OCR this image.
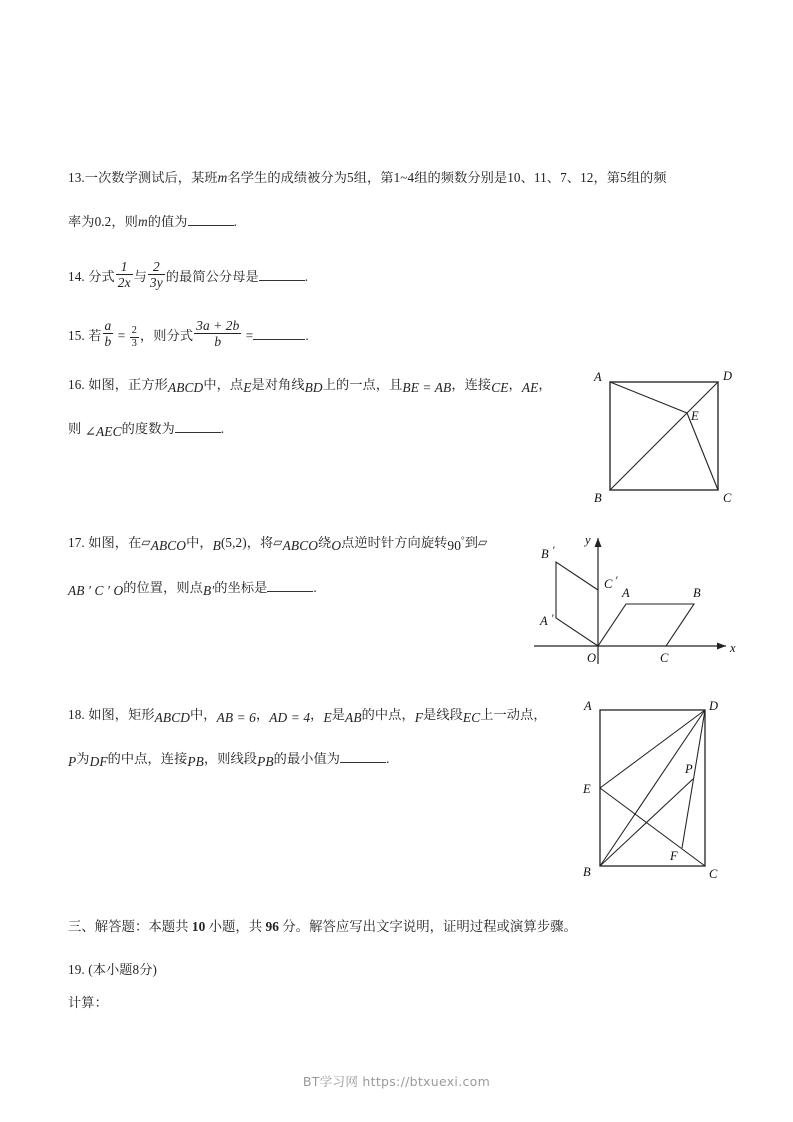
13.一次数学测试后，某班m名学生的成绩被分为5组，第1~4组的频数分别是10、11、7、12，第5组的频
率为0.2，则m的值为	.
14. 分式 $\frac{1}{2x}$ 与 $\frac{2}{3y}$ 的最简公分母是	.
15. 若 $\frac{a}{b} = \frac{2}{3}$ ，则分式 $\frac{3a + 2b}{b}$ =	.
16. 如图，正方形ABCD中，点E是对角线BD上的一点，且BE = AB，连接CE，AE，
则 ∠AEC的度数为	.
A	D
B	C
E
17. 如图，在▱ABCO中，B(5,2)，将▱ABCO绕O点逆时针方向旋转90°到▱
AB ′ C ′ O的位置，则点B′的坐标是	.
x
y
O	C
A	B
A ′
B ′
C ′
18. 如图，矩形ABCD中，AB = 6，AD = 4，E是AB的中点，F是线段EC上一动点，
P为DF的中点，连接PB，则线段PB的最小值为	.
A	D
E
B	C
P
F
三、解答题：本题共 10 小题，共 96 分。解答应写出文字说明，证明过程或演算步骤。
19. (本小题8分)
计算：
BT学习网 https://btxuexi.com
